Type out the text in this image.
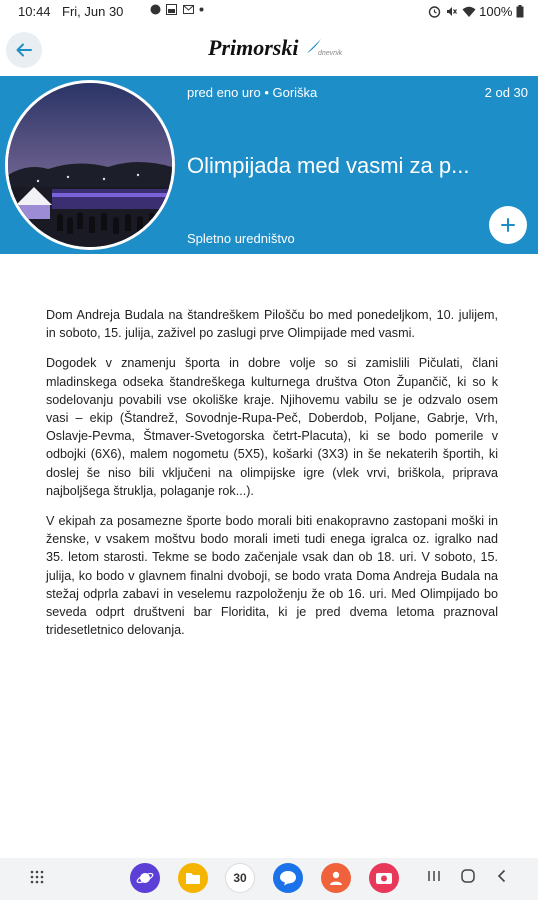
10:44 Fri, Jun 30
	100%
Primorski	dnevnik
pred eno uro • Goriška	2 od 30
Olimpijada med vasmi za p...
Spletno uredništvo

Dom Andreja Budala na štandreškem Pilošču bo med ponedeljkom, 10. julijem, in soboto, 15. julija, zaživel po zaslugi prve Olimpijade med vasmi.

Dogodek v znamenju športa in dobre volje so si zamislili Pičulati, člani mladinskega odseka štandreškega kulturnega društva Oton Župančič, ki so k sodelovanju povabili vse okoliške kraje. Njihovemu vabilu se je odzvalo osem vasi – ekip (Štandrež, Sovodnje-Rupa-Peč, Doberdob, Poljane, Gabrje, Vrh, Oslavje-Pevma, Štmaver-Svetogorska četrt-Placuta), ki se bodo pomerile v odbojki (6X6), malem nogometu (5X5), košarki (3X3) in še nekaterih športih, ki doslej še niso bili vključeni na olimpijske igre (vlek vrvi, briškola, priprava najboljšega štruklja, polaganje rok...).

V ekipah za posamezne športe bodo morali biti enakopravno zastopani moški in ženske, v vsakem moštvu bodo morali imeti tudi enega igralca oz. igralko nad 35. letom starosti. Tekme se bodo začenjale vsak dan ob 18. uri. V soboto, 15. julija, ko bodo v glavnem finalni dvoboji, se bodo vrata Doma Andreja Budala na stežaj odprla zabavi in veselemu razpoloženju že ob 16. uri. Med Olimpijado bo seveda odprt društveni bar Floridita, ki je pred dvema letoma praznoval tridesetletnico delovanja.

30
